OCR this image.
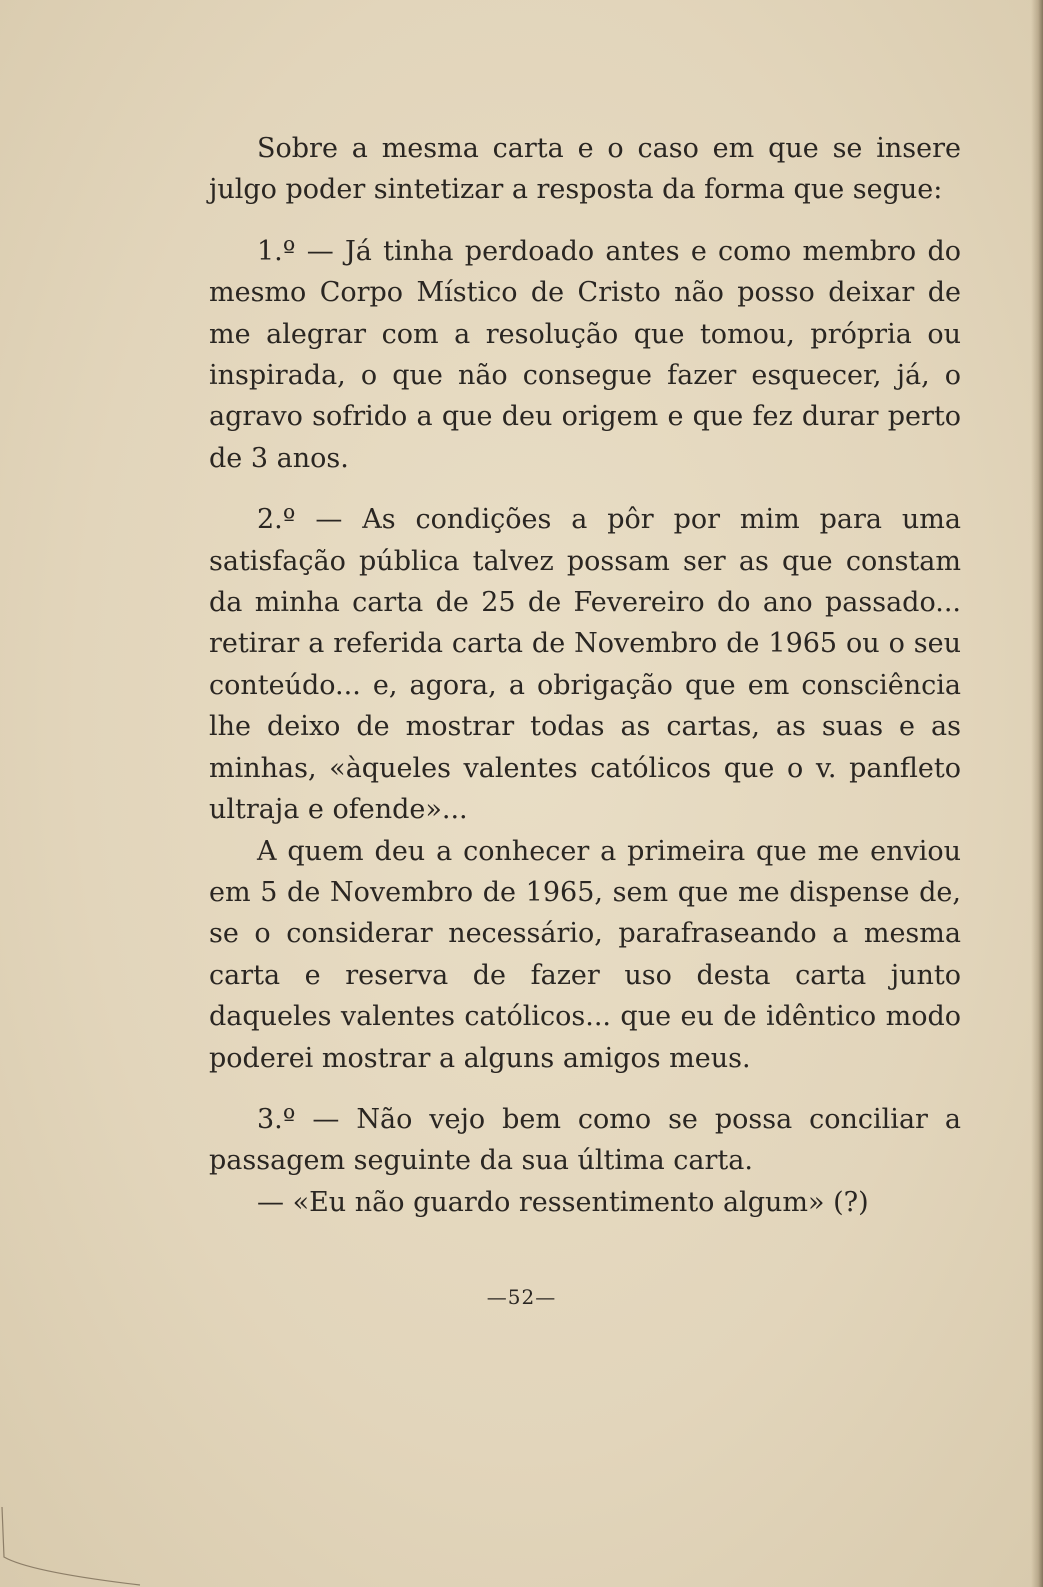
Sobre a mesma carta e o caso em que se insere julgo poder sintetizar a resposta da forma que segue:

1.º — Já tinha perdoado antes e como membro do mesmo Corpo Místico de Cristo não posso deixar de me alegrar com a resolução que tomou, própria ou inspirada, o que não consegue fazer esquecer, já, o agravo sofrido a que deu origem e que fez durar perto de 3 anos.

2.º — As condições a pôr por mim para uma satisfação pública talvez possam ser as que constam da minha carta de 25 de Fevereiro do ano passado... retirar a referida carta de Novembro de 1965 ou o seu conteúdo... e, agora, a obrigação que em consciência lhe deixo de mostrar todas as cartas, as suas e as minhas, «àqueles valentes católicos que o v. panfleto ultraja e ofende»...

A quem deu a conhecer a primeira que me enviou em 5 de Novembro de 1965, sem que me dispense de, se o considerar necessário, parafraseando a mesma carta e reserva de fazer uso desta carta junto daqueles valentes católicos... que eu de idêntico modo poderei mostrar a alguns amigos meus.

3.º — Não vejo bem como se possa conciliar a passagem seguinte da sua última carta.

— «Eu não guardo ressentimento algum» (?)

—52—
